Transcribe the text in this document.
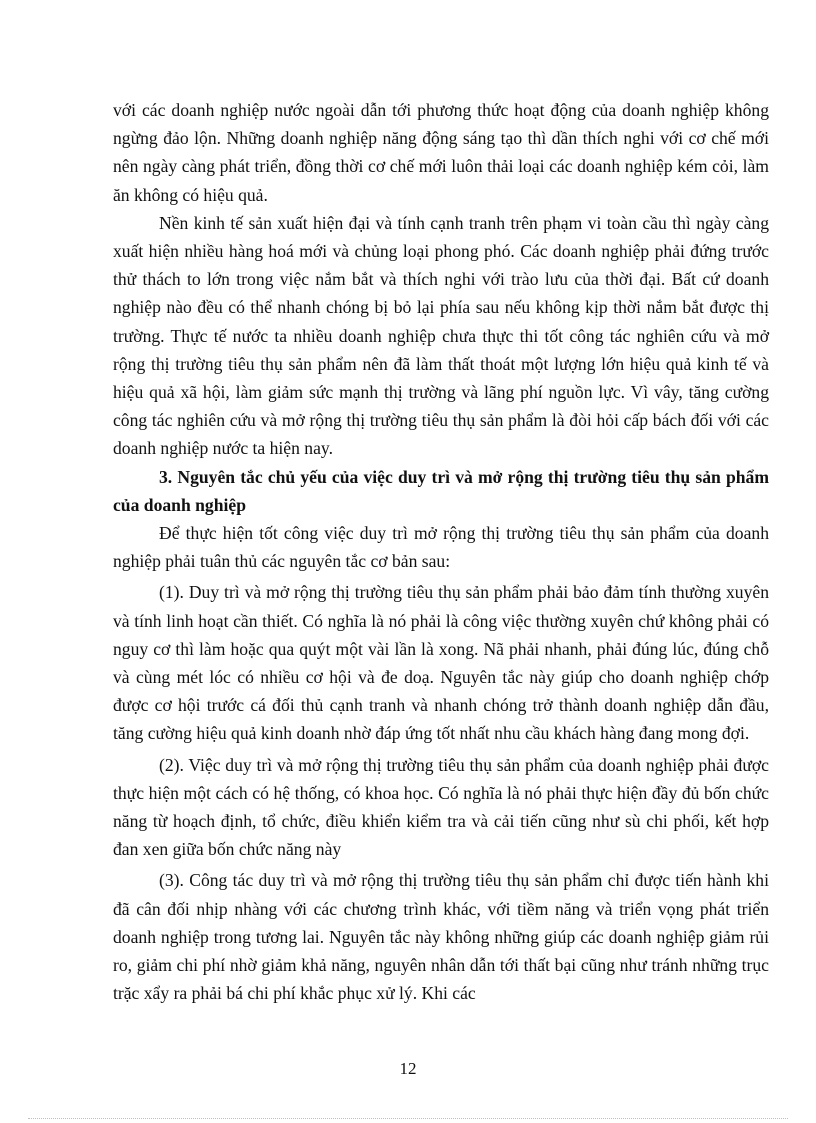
với các doanh nghiệp nước ngoài dẫn tới phương thức hoạt động của doanh nghiệp không ngừng đảo lộn. Những doanh nghiệp năng động sáng tạo thì dần thích nghi với cơ chế mới nên ngày càng phát triển, đồng thời cơ chế mới luôn thải loại các doanh nghiệp kém cỏi, làm ăn không có hiệu quả.

Nền kinh tế sản xuất hiện đại và tính cạnh tranh trên phạm vi toàn cầu thì ngày càng xuất hiện nhiều hàng hoá mới và chủng loại phong phó. Các doanh nghiệp phải đứng trước thử thách to lớn trong việc nắm bắt và thích nghi với trào lưu của thời đại. Bất cứ doanh nghiệp nào đều có thể nhanh chóng bị bỏ lại phía sau nếu không kịp thời nắm bắt được thị trường. Thực tế nước ta nhiều doanh nghiệp chưa thực thi tốt công tác nghiên cứu và mở rộng thị trường tiêu thụ sản phẩm nên đã làm thất thoát một lượng lớn hiệu quả kinh tế và hiệu quả xã hội, làm giảm sức mạnh thị trường và lãng phí nguồn lực. Vì vây, tăng cường công tác nghiên cứu và mở rộng thị trường tiêu thụ sản phẩm là đòi hỏi cấp bách đối với các doanh nghiệp nước ta hiện nay.

3. Nguyên tắc chủ yếu của việc duy trì và mở rộng thị trường tiêu thụ sản phẩm của doanh nghiệp

Để thực hiện tốt công việc duy trì mở rộng thị trường tiêu thụ sản phẩm của doanh nghiệp phải tuân thủ các nguyên tắc cơ bản sau:

(1). Duy trì và mở rộng thị trường tiêu thụ sản phẩm phải bảo đảm tính thường xuyên và tính linh hoạt cần thiết. Có nghĩa là nó phải là công việc thường xuyên chứ không phải có nguy cơ thì làm hoặc qua quýt một vài lần là xong. Nã phải nhanh, phải đúng lúc, đúng chỗ và cùng mét lóc có nhiều cơ hội và đe doạ. Nguyên tắc này giúp cho doanh nghiệp chớp được cơ hội trước cá đối thủ cạnh tranh và nhanh chóng trở thành doanh nghiệp dẫn đầu, tăng cường hiệu quả kinh doanh nhờ đáp ứng tốt nhất nhu cầu khách hàng đang mong đợi.

(2). Việc duy trì và mở rộng thị trường tiêu thụ sản phẩm của doanh nghiệp phải được thực hiện một cách có hệ thống, có khoa học. Có nghĩa là nó phải thực hiện đầy đủ bốn chức năng từ hoạch định, tổ chức, điều khiển kiểm tra và cải tiến cũng như sù chi phối, kết hợp đan xen giữa bốn chức năng này

(3). Công tác duy trì và mở rộng thị trường tiêu thụ sản phẩm chỉ được tiến hành khi đã cân đối nhịp nhàng với các chương trình khác, với tiềm năng và triển vọng phát triển doanh nghiệp trong tương lai. Nguyên tắc này không những giúp các doanh nghiệp giảm rủi ro, giảm chi phí nhờ giảm khả năng, nguyên nhân dẫn tới thất bại cũng như tránh những trục trặc xẩy ra phải bá chi phí khắc phục xử lý. Khi các

12
